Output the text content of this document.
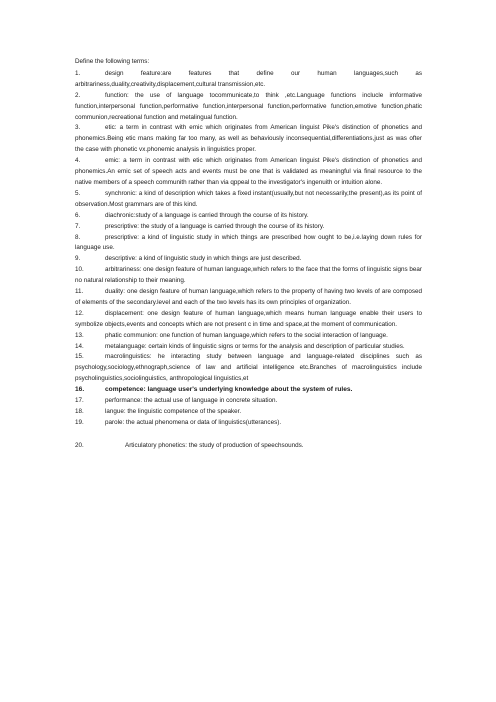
Define the following terms:

1.	design feature:are features that define our human languages,such as arbitrariness,duality,creativity,displacement,cultural transmission,etc.

2.	function: the use of language tocommunicate,to think ,etc.Language functions inclucle imformative function,interpersonal function,performative function,interpersonal function,performative function,emotive function,phatic communion,recreational function and metalingual function.

3.	etic: a term in contrast with emic which originates from American linguist Pike's distinction of phonetics and phonemics.Being etic mans making far too many, as well as behaviously inconsequential,differentiations,just as was ofter the case with phonetic vx.phonemic analysis in linguistics proper.

4.	emic: a term in contrast with etic which originates from American linguist Pike's distinction of phonetics and phonemics.An emic set of speech acts and events must be one that is validated as meaningful via final resource to the native members of a speech communith rather than via qppeal to the investigator's ingenuith or intuition alone.

5.	synchronic: a kind of description which takes a fixed instant(usually,but not necessarily,the present),as its point of observation.Most grammars are of this kind.

6.	diachronic:study of a language is carried through the course of its history.

7.	prescriptive: the study of a language is carried through the course of its history.

8.	prescriptive: a kind of linguistic study in which things are prescribed how ought to be,i.e.laying down rules for language use.

9.	descriptive: a kind of linguistic study in which things are just described.

10.	arbitrariness: one design feature of human language,which refers to the face that the forms of linguistic signs bear no natural relationship to their meaning.

11.	duality: one design feature of human language,which refers to the property of having two levels of are composed of elements of the secondary.level and each of the two levels has its own principles of organization.

12.	displacement: one design feature of human language,which means human language enable their users to symbolize objects,events and concepts which are not present c in time and space,at the moment of communication.

13.	phatic communion: one function of human language,which refers to the social interaction of language.

14.	metalanguage: certain kinds of linguistic signs or terms for the analysis and description of particular studies.

15.	macrolinguistics: he interacting study between language and language-related disciplines such as psychology,sociology,ethnograph,science of law and artificial intelligence etc.Branches of macrolinguistics include psycholinguistics,sociolinguistics, anthropological linguistics,et

16.	competence: language user's underlying knowledge about the system of rules.

17.	performance: the actual use of language in concrete situation.

18.	langue: the linguistic competence of the speaker.

19.	parole: the actual phenomena or data of linguistics(utterances).

20.	Articulatory phonetics: the study of production of speechsounds.
